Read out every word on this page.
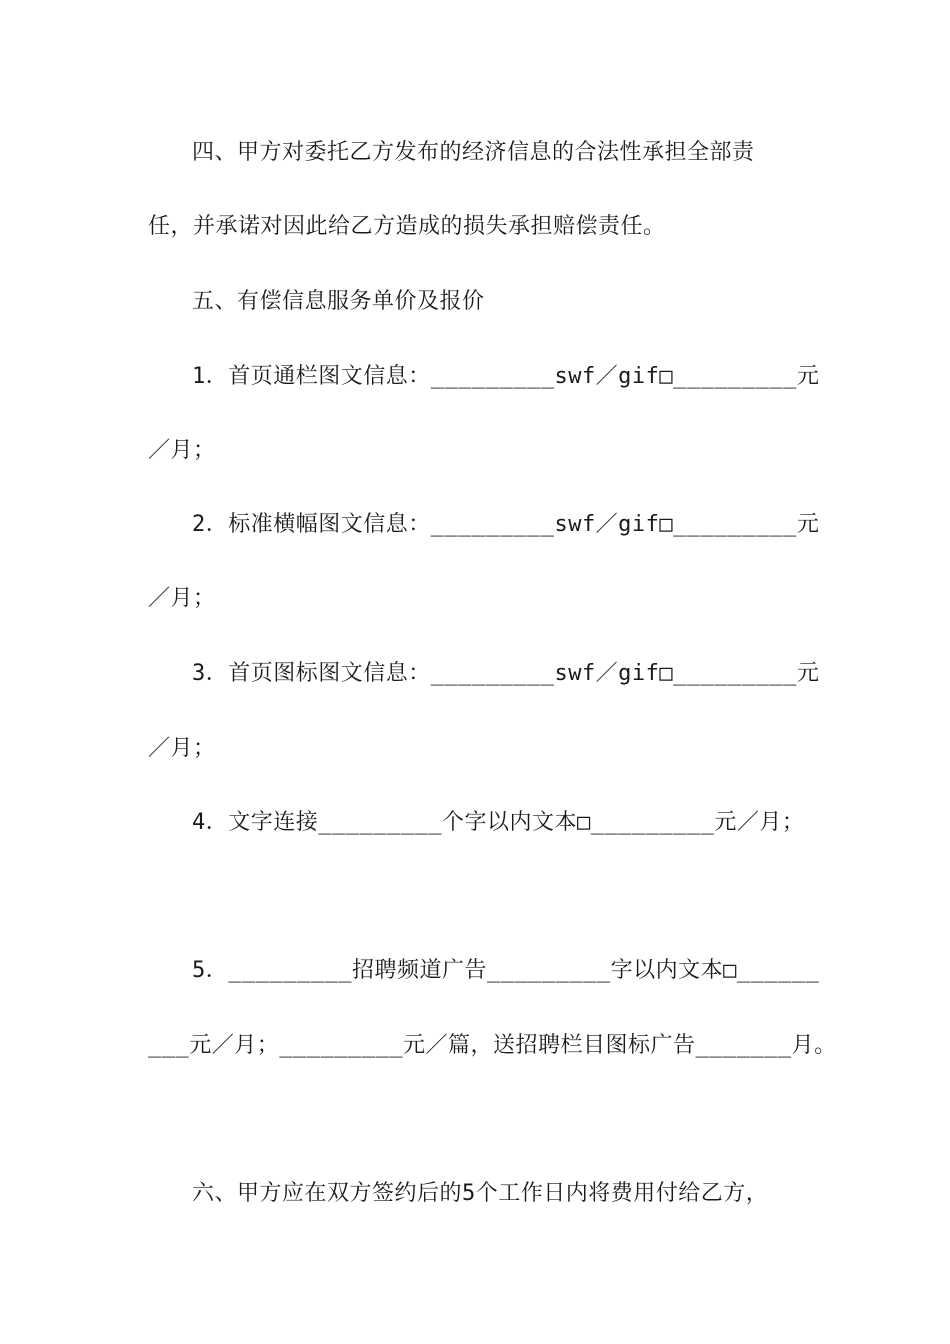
四、甲方对委托乙方发布的经济信息的合法性承担全部责
任，并承诺对因此给乙方造成的损失承担赔偿责任。
五、有偿信息服务单价及报价
1．首页通栏图文信息：_________swf／gif□_________元
／月；
2．标准横幅图文信息：_________swf／gif□_________元
／月；
3．首页图标图文信息：_________swf／gif□_________元
／月；
4．文字连接_________个字以内文本□_________元／月；
5．_________招聘频道广告_________字以内文本□______
___元／月；_________元／篇，送招聘栏目图标广告_______月。
六、甲方应在双方签约后的5个工作日内将费用付给乙方，
